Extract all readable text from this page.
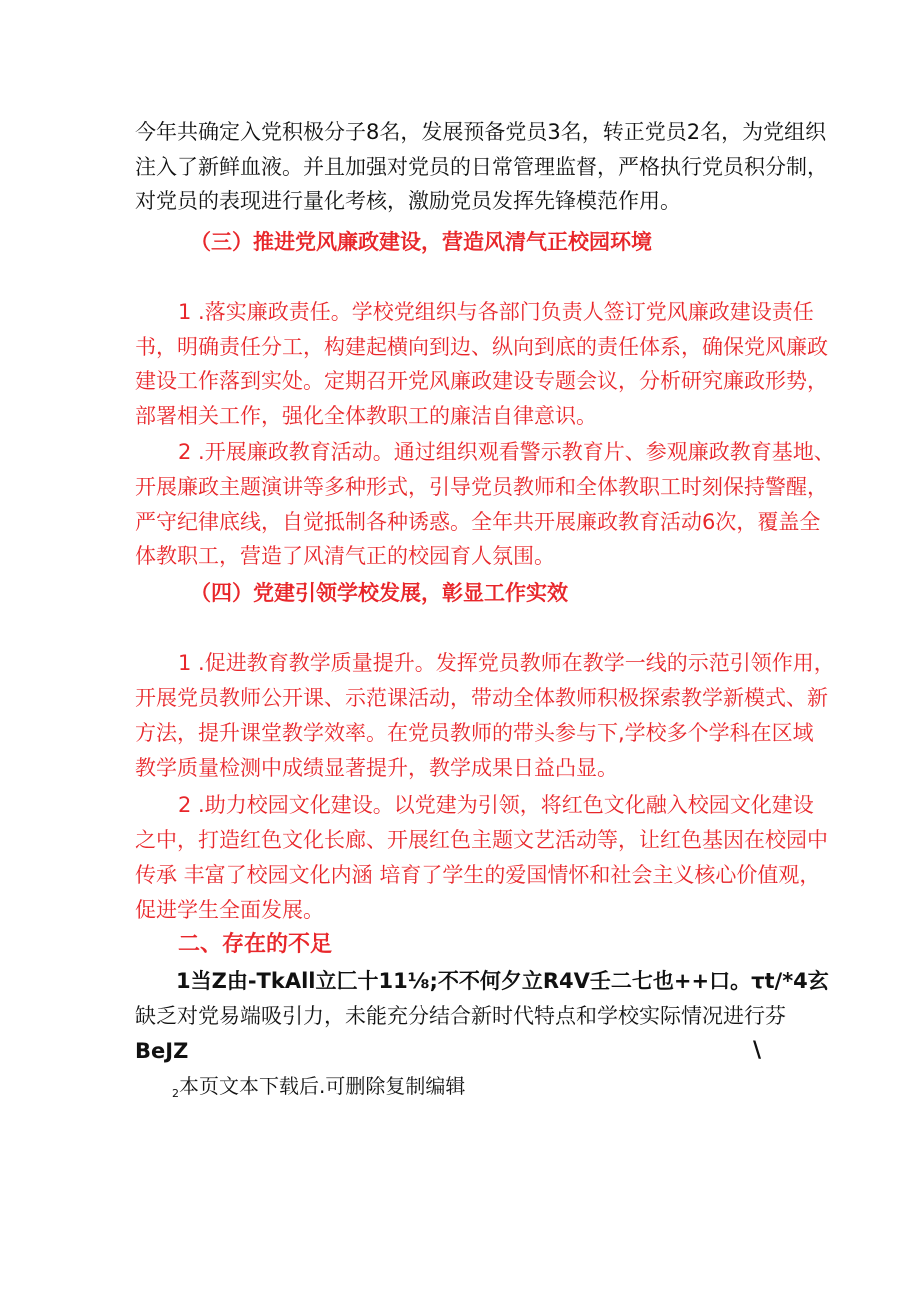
今年共确定入党积极分子8名，发展预备党员3名，转正党员2名，为党组织
注入了新鲜血液。并且加强对党员的日常管理监督，严格执行党员积分制，
对党员的表现进行量化考核，激励党员发挥先锋模范作用。
（三）推进党风廉政建设，营造风清气正校园环境
1 .落实廉政责任。学校党组织与各部门负责人签订党风廉政建设责任
书，明确责任分工，构建起横向到边、纵向到底的责任体系，确保党风廉政
建设工作落到实处。定期召开党风廉政建设专题会议，分析研究廉政形势，
部署相关工作，强化全体教职工的廉洁自律意识。
2 .开展廉政教育活动。通过组织观看警示教育片、参观廉政教育基地、
开展廉政主题演讲等多种形式，引导党员教师和全体教职工时刻保持警醒，
严守纪律底线，自觉抵制各种诱惑。全年共开展廉政教育活动6次，覆盖全
体教职工，营造了风清气正的校园育人氛围。
（四）党建引领学校发展，彰显工作实效
1 .促进教育教学质量提升。发挥党员教师在教学一线的示范引领作用，
开展党员教师公开课、示范课活动，带动全体教师积极探索教学新模式、新
方法，提升课堂教学效率。在党员教师的带头参与下,学校多个学科在区域
教学质量检测中成绩显著提升，教学成果日益凸显。
2 .助力校园文化建设。以党建为引领，将红色文化融入校园文化建设
之中，打造红色文化长廊、开展红色主题文艺活动等，让红色基因在校园中
传承 丰富了校园文化内涵 培育了学生的爱国情怀和社会主义核心价值观，
促进学生全面发展。
二、存在的不足
1当Z由-TkAll立匚十11⅛;不不何夕立R4V壬二七也++口。τt/*4玄
缺乏对党易端吸引力，未能充分结合新时代特点和学校实际情况进行芬
BeJZ	\
$_2$本页文本下载后.可删除复制编辑
